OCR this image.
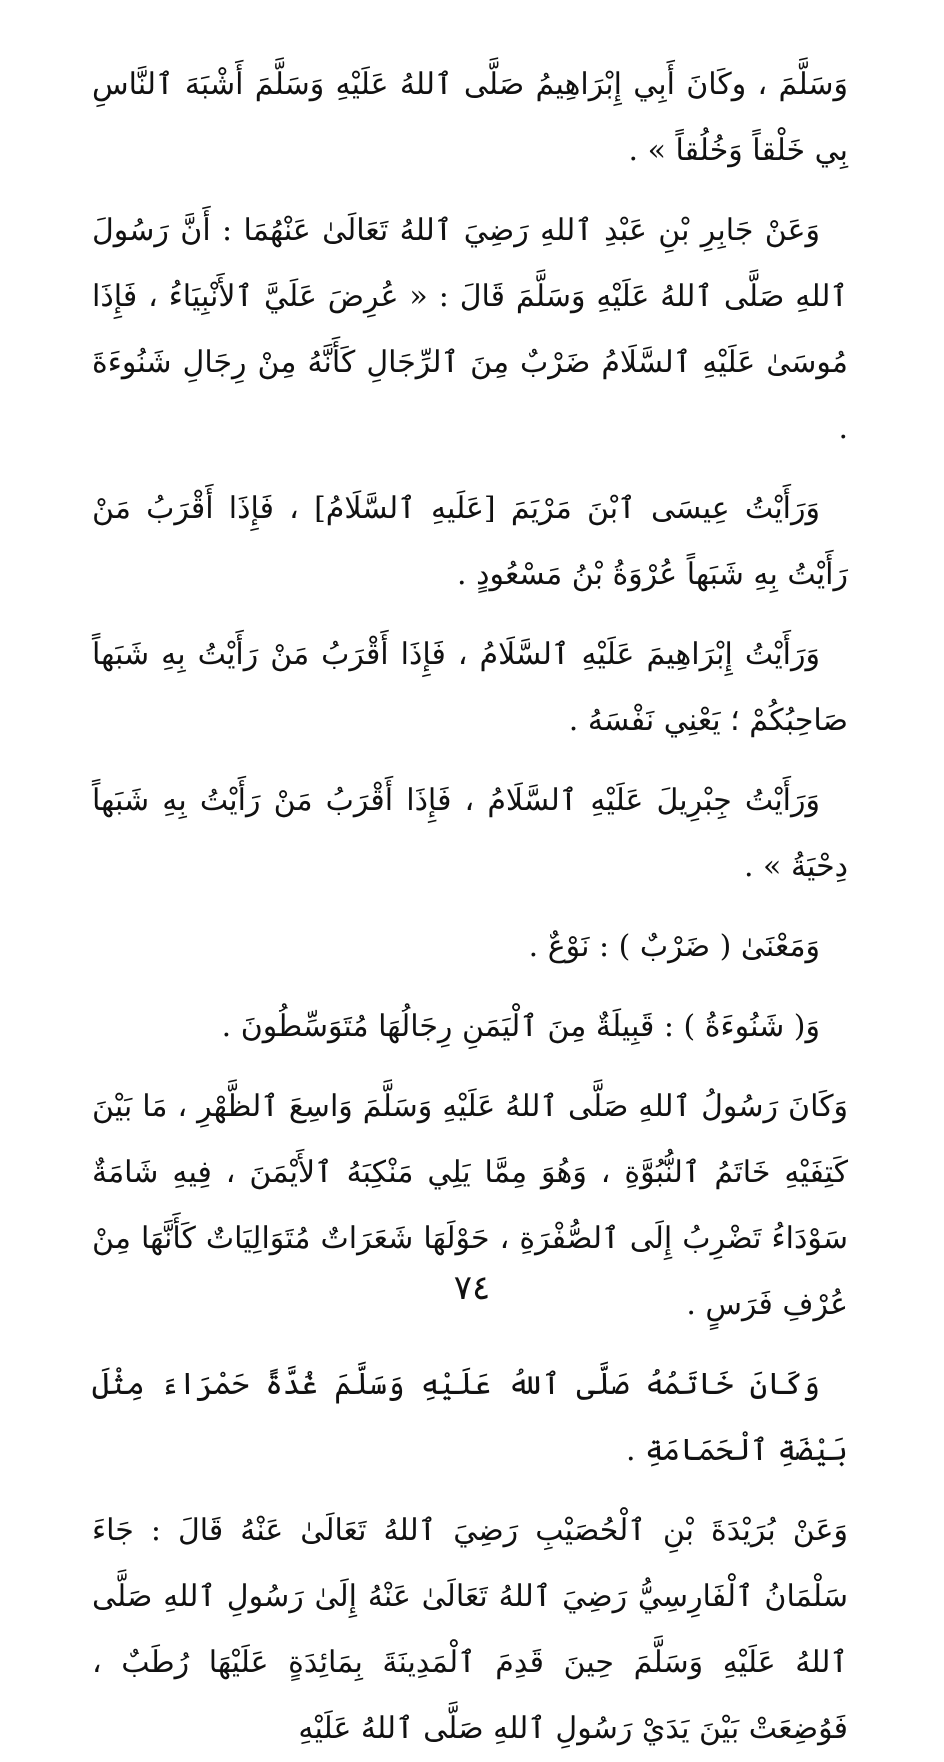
وَسَلَّمَ ، وكَانَ أَبِي إِبْرَاهِيمُ صَلَّى ٱللهُ عَلَيْهِ وَسَلَّمَ أَشْبَهَ ٱلنَّاسِ بِي خَلْقاً وَخُلُقاً » .

وَعَنْ جَابِرِ بْنِ عَبْدِ ٱللهِ رَضِيَ ٱللهُ تَعَالَىٰ عَنْهُمَا : أَنَّ رَسُولَ ٱللهِ صَلَّى ٱللهُ عَلَيْهِ وَسَلَّمَ قَالَ : « عُرِضَ عَلَيَّ ٱلأَنْبِيَاءُ ، فَإِذَا مُوسَىٰ عَلَيْهِ ٱلسَّلَامُ ضَرْبٌ مِنَ ٱلرِّجَالِ كَأَنَّهُ مِنْ رِجَالِ شَنُوءَةَ .

وَرَأَيْتُ عِيسَى ٱبْنَ مَرْيَمَ [عَلَيهِ ٱلسَّلَامُ] ، فَإِذَا أَقْرَبُ مَنْ رَأَيْتُ بِهِ شَبَهاً عُرْوَةُ بْنُ مَسْعُودٍ .

وَرَأَيْتُ إِبْرَاهِيمَ عَلَيْهِ ٱلسَّلَامُ ، فَإِذَا أَقْرَبُ مَنْ رَأَيْتُ بِهِ شَبَهاً صَاحِبُكُمْ ؛ يَعْنِي نَفْسَهُ .

وَرَأَيْتُ جِبْرِيلَ عَلَيْهِ ٱلسَّلَامُ ، فَإِذَا أَقْرَبُ مَنْ رَأَيْتُ بِهِ شَبَهاً دِحْيَةُ » .

وَمَعْنَىٰ ( ضَرْبٌ ) : نَوْعٌ .

وَ( شَنُوءَةُ ) : قَبِيلَةٌ مِنَ ٱلْيَمَنِ رِجَالُهَا مُتَوَسِّطُونَ .

وَكَانَ رَسُولُ ٱللهِ صَلَّى ٱللهُ عَلَيْهِ وَسَلَّمَ وَاسِعَ ٱلظَّهْرِ ، مَا بَيْنَ كَتِفَيْهِ خَاتَمُ ٱلنُّبُوَّةِ ، وَهُوَ مِمَّا يَلِي مَنْكِبَهُ ٱلأَيْمَنَ ، فِيهِ شَامَةٌ سَوْدَاءُ تَضْرِبُ إِلَى ٱلصُّفْرَةِ ، حَوْلَهَا شَعَرَاتٌ مُتَوَالِيَاتٌ كَأَنَّهَا مِنْ عُرْفِ فَرَسٍ .

وَكَانَ خَاتَمُهُ صَلَّى ٱللهُ عَلَيْهِ وَسَلَّمَ غُدَّةً حَمْرَاءَ مِثْلَ بَيْضَةِ ٱلْحَمَامَةِ .

وَعَنْ بُرَيْدَةَ بْنِ ٱلْحُصَيْبِ رَضِيَ ٱللهُ تَعَالَىٰ عَنْهُ قَالَ : جَاءَ سَلْمَانُ ٱلْفَارِسِيُّ رَضِيَ ٱللهُ تَعَالَىٰ عَنْهُ إِلَىٰ رَسُولِ ٱللهِ صَلَّى ٱللهُ عَلَيْهِ وَسَلَّمَ حِينَ قَدِمَ ٱلْمَدِينَةَ بِمَائِدَةٍ عَلَيْهَا رُطَبٌ ، فَوُضِعَتْ بَيْنَ يَدَيْ رَسُولِ ٱللهِ صَلَّى ٱللهُ عَلَيْهِ

٧٤
